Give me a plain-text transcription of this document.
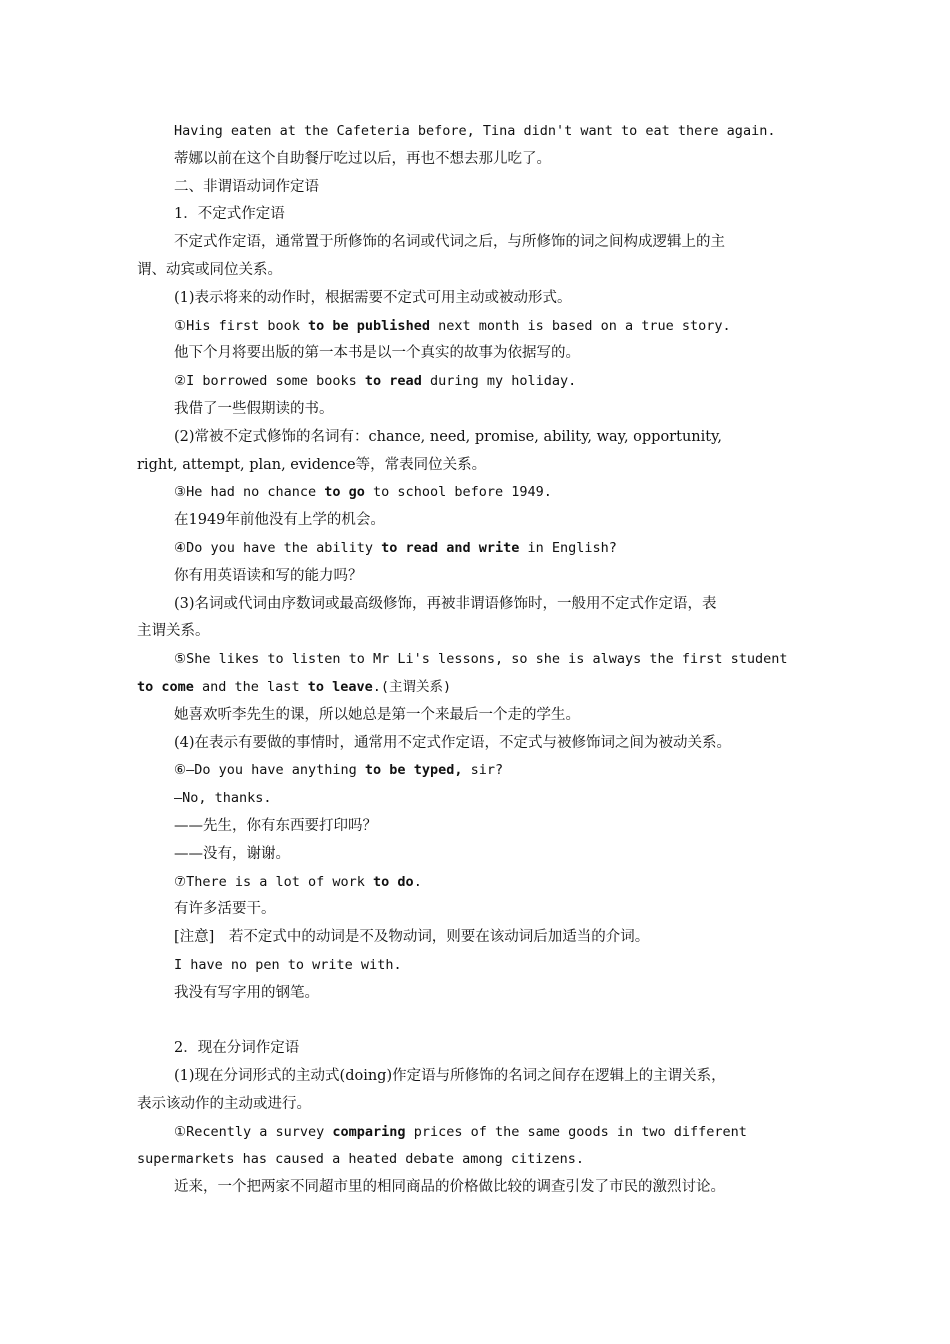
Having eaten at the Cafeteria before, Tina didn't want to eat there again.
蒂娜以前在这个自助餐厅吃过以后，再也不想去那儿吃了。
二、非谓语动词作定语
1．不定式作定语
不定式作定语，通常置于所修饰的名词或代词之后，与所修饰的词之间构成逻辑上的主
谓、动宾或同位关系。
(1)表示将来的动作时，根据需要不定式可用主动或被动形式。
①His first book to be published next month is based on a true story.
他下个月将要出版的第一本书是以一个真实的故事为依据写的。
②I borrowed some books to read during my holiday.
我借了一些假期读的书。
(2)常被不定式修饰的名词有：chance, need, promise, ability, way, opportunity,
right, attempt, plan, evidence等，常表同位关系。
③He had no chance to go to school before 1949.
在1949年前他没有上学的机会。
④Do you have the ability to read and write in English?
你有用英语读和写的能力吗？
(3)名词或代词由序数词或最高级修饰，再被非谓语修饰时，一般用不定式作定语，表
主谓关系。
⑤She likes to listen to Mr Li's lessons, so she is always the first student
to come and the last to leave.(主谓关系)
她喜欢听李先生的课，所以她总是第一个来最后一个走的学生。
(4)在表示有要做的事情时，通常用不定式作定语，不定式与被修饰词之间为被动关系。
⑥—Do you have anything to be typed, sir?
—No, thanks.
——先生，你有东西要打印吗？
——没有，谢谢。
⑦There is a lot of work to do.
有许多活要干。
[注意]　若不定式中的动词是不及物动词，则要在该动词后加适当的介词。
I have no pen to write with.
我没有写字用的钢笔。
2．现在分词作定语
(1)现在分词形式的主动式(doing)作定语与所修饰的名词之间存在逻辑上的主谓关系，
表示该动作的主动或进行。
①Recently a survey comparing prices of the same goods in two different
supermarkets has caused a heated debate among citizens.
近来，一个把两家不同超市里的相同商品的价格做比较的调查引发了市民的激烈讨论。
